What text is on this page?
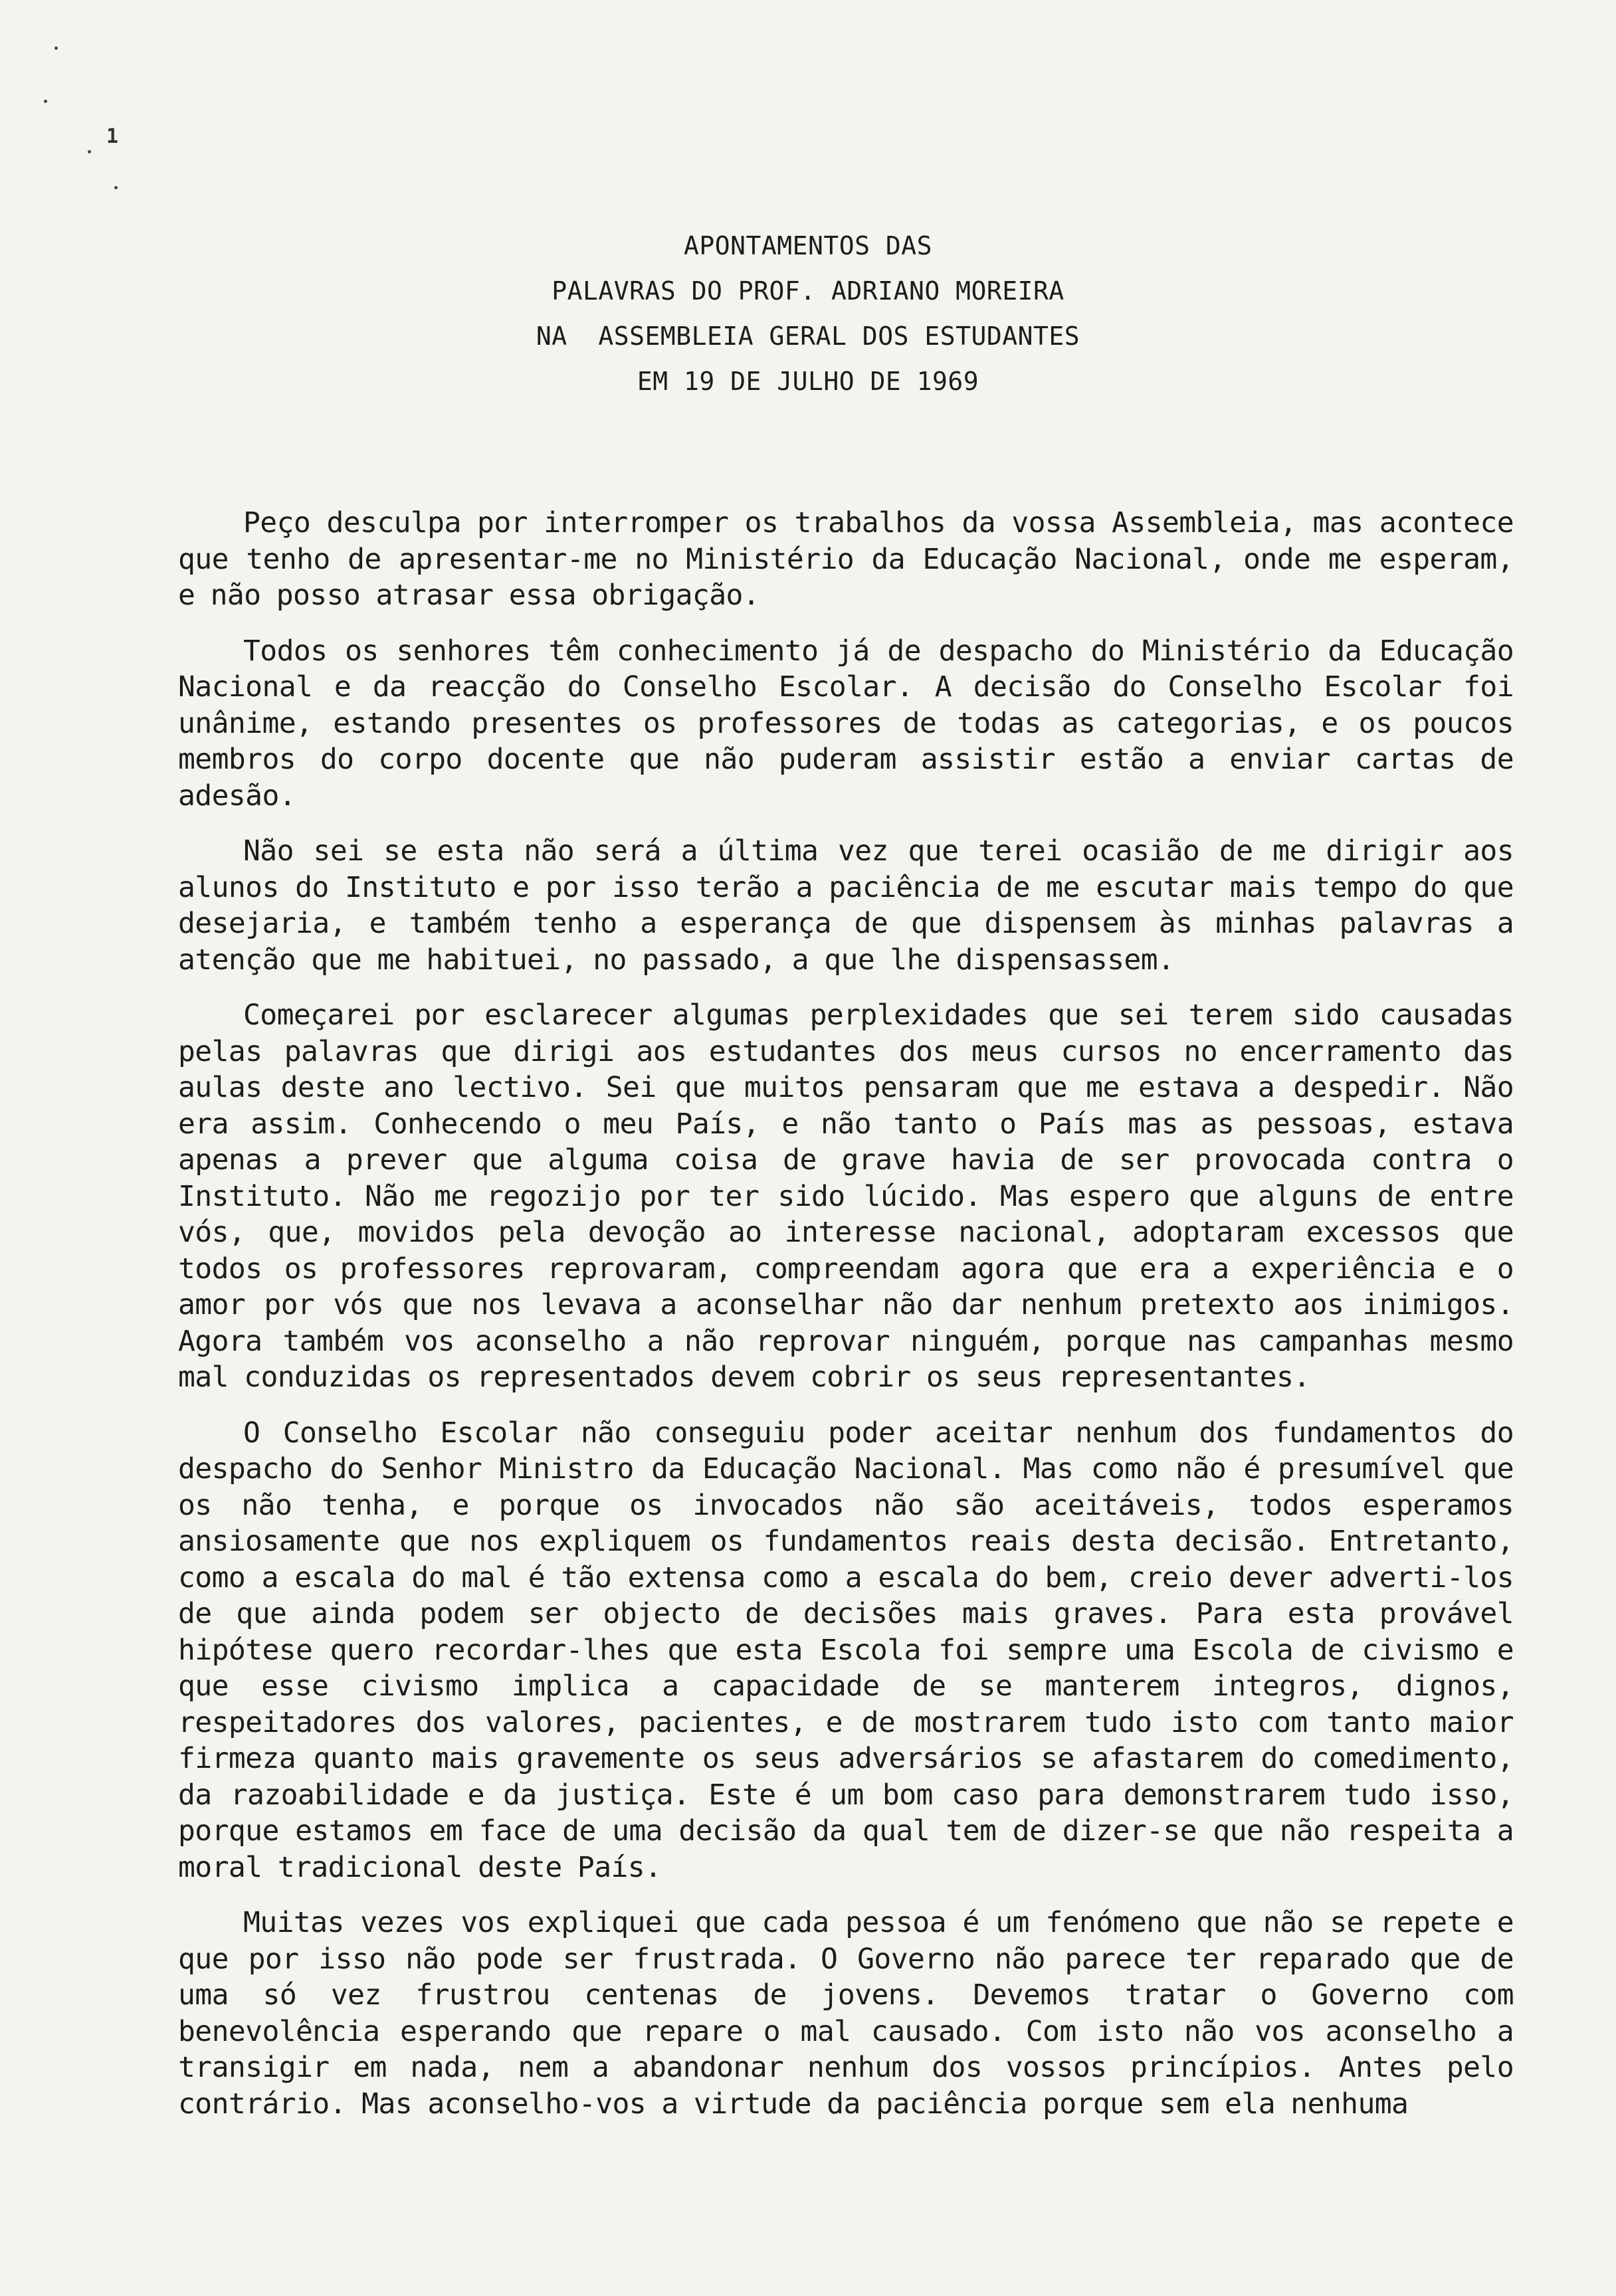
1
APONTAMENTOS DAS
PALAVRAS DO PROF. ADRIANO MOREIRA
NA  ASSEMBLEIA GERAL DOS ESTUDANTES
EM 19 DE JULHO DE 1969

Peço desculpa por interromper os trabalhos da vossa Assembleia, mas acontece que tenho de apresentar-me no Ministério da Educação Nacional, onde me esperam, e não posso atrasar essa obrigação.

Todos os senhores têm conhecimento já de despacho do Ministério da Educação Nacional e da reacção do Conselho Escolar. A decisão do Conselho Escolar foi unânime, estando presentes os professores de todas as categorias, e os poucos membros do corpo docente que não puderam assistir estão a enviar cartas de adesão.

Não sei se esta não será a última vez que terei ocasião de me dirigir aos alunos do Instituto e por isso terão a paciência de me escutar mais tempo do que desejaria, e também tenho a esperança de que dispensem às minhas palavras a atenção que me habituei, no passado, a que lhe dispensassem.

Começarei por esclarecer algumas perplexidades que sei terem sido causadas pelas palavras que dirigi aos estudantes dos meus cursos no encerramento das aulas deste ano lectivo. Sei que muitos pensaram que me estava a despedir. Não era assim. Conhecendo o meu País, e não tanto o País mas as pessoas, estava apenas a prever que alguma coisa de grave havia de ser provocada contra o Instituto. Não me regozijo por ter sido lúcido. Mas espero que alguns de entre vós, que, movidos pela devoção ao interesse nacional, adoptaram excessos que todos os professores reprovaram, compreendam agora que era a experiência e o amor por vós que nos levava a aconselhar não dar nenhum pretexto aos inimigos. Agora também vos aconselho a não reprovar ninguém, porque nas campanhas mesmo mal conduzidas os representados devem cobrir os seus representantes.

O Conselho Escolar não conseguiu poder aceitar nenhum dos fundamentos do despacho do Senhor Ministro da Educação Nacional. Mas como não é presumível que os não tenha, e porque os invocados não são aceitáveis, todos esperamos ansiosamente que nos expliquem os fundamentos reais desta decisão. Entretanto, como a escala do mal é tão extensa como a escala do bem, creio dever adverti-los de que ainda podem ser objecto de decisões mais graves. Para esta provável hipótese quero recordar-lhes que esta Escola foi sempre uma Escola de civismo e que esse civismo implica a capacidade de se manterem integros, dignos, respeitadores dos valores, pacientes, e de mostrarem tudo isto com tanto maior firmeza quanto mais gravemente os seus adversários se afastarem do comedimento, da razoabilidade e da justiça. Este é um bom caso para demonstrarem tudo isso, porque estamos em face de uma decisão da qual tem de dizer-se que não respeita a moral tradicional deste País.

Muitas vezes vos expliquei que cada pessoa é um fenómeno que não se repete e que por isso não pode ser frustrada. O Governo não parece ter reparado que de uma só vez frustrou centenas de jovens. Devemos tratar o Governo com benevolência esperando que repare o mal causado. Com isto não vos aconselho a transigir em nada, nem a abandonar nenhum dos vossos princípios. Antes pelo contrário. Mas aconselho-vos a virtude da paciência porque sem ela nenhuma
